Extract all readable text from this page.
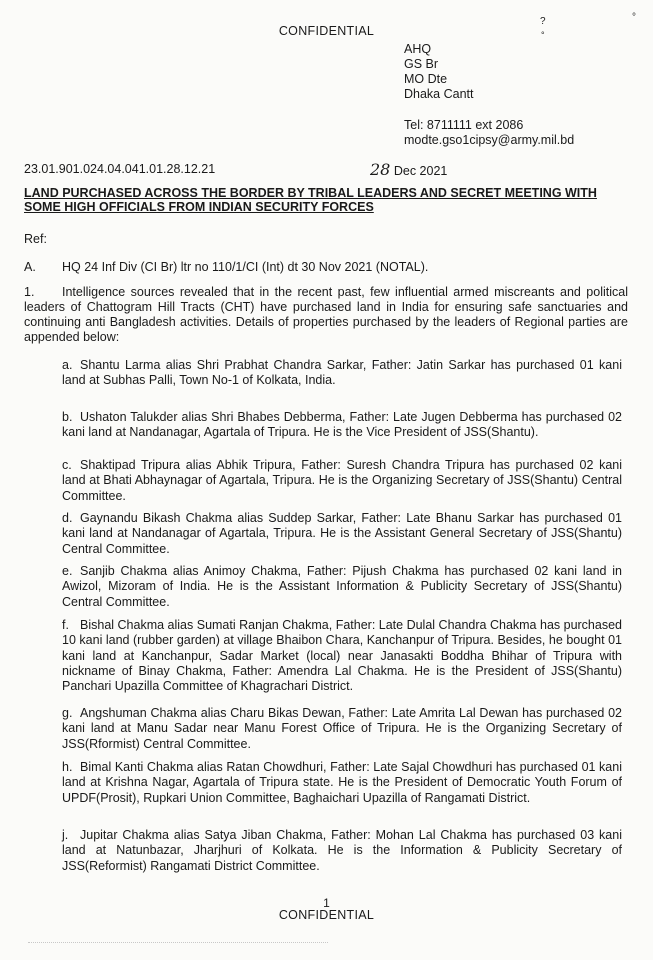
CONFIDENTIAL
?
°
°
AHQ
GS Br
MO Dte
Dhaka Cantt
Tel: 8711111 ext 2086
modte.gso1cipsy@army.mil.bd
23.01.901.024.04.041.01.28.12.21	28 Dec 2021
LAND PURCHASED ACROSS THE BORDER BY TRIBAL LEADERS AND SECRET MEETING WITH SOME HIGH OFFICIALS FROM INDIAN SECURITY FORCES
Ref:
A. HQ 24 Inf Div (CI Br) ltr no 110/1/CI (Int) dt 30 Nov 2021 (NOTAL).
1. Intelligence sources revealed that in the recent past, few influential armed miscreants and political leaders of Chattogram Hill Tracts (CHT) have purchased land in India for ensuring safe sanctuaries and continuing anti Bangladesh activities. Details of properties purchased by the leaders of Regional parties are appended below:
a. Shantu Larma alias Shri Prabhat Chandra Sarkar, Father: Jatin Sarkar has purchased 01 kani land at Subhas Palli, Town No-1 of Kolkata, India.
b. Ushaton Talukder alias Shri Bhabes Debberma, Father: Late Jugen Debberma has purchased 02 kani land at Nandanagar, Agartala of Tripura. He is the Vice President of JSS(Shantu).
c. Shaktipad Tripura alias Abhik Tripura, Father: Suresh Chandra Tripura has purchased 02 kani land at Bhati Abhaynagar of Agartala, Tripura. He is the Organizing Secretary of JSS(Shantu) Central Committee.
d. Gaynandu Bikash Chakma alias Suddep Sarkar, Father: Late Bhanu Sarkar has purchased 01 kani land at Nandanagar of Agartala, Tripura. He is the Assistant General Secretary of JSS(Shantu) Central Committee.
e. Sanjib Chakma alias Animoy Chakma, Father: Pijush Chakma has purchased 02 kani land in Awizol, Mizoram of India. He is the Assistant Information & Publicity Secretary of JSS(Shantu) Central Committee.
f. Bishal Chakma alias Sumati Ranjan Chakma, Father: Late Dulal Chandra Chakma has purchased 10 kani land (rubber garden) at village Bhaibon Chara, Kanchanpur of Tripura. Besides, he bought 01 kani land at Kanchanpur, Sadar Market (local) near Janasakti Boddha Bhihar of Tripura with nickname of Binay Chakma, Father: Amendra Lal Chakma. He is the President of JSS(Shantu) Panchari Upazilla Committee of Khagrachari District.
g. Angshuman Chakma alias Charu Bikas Dewan, Father: Late Amrita Lal Dewan has purchased 02 kani land at Manu Sadar near Manu Forest Office of Tripura. He is the Organizing Secretary of JSS(Rformist) Central Committee.
h. Bimal Kanti Chakma alias Ratan Chowdhuri, Father: Late Sajal Chowdhuri has purchased 01 kani land at Krishna Nagar, Agartala of Tripura state. He is the President of Democratic Youth Forum of UPDF(Prosit), Rupkari Union Committee, Baghaichari Upazilla of Rangamati District.
j. Jupitar Chakma alias Satya Jiban Chakma, Father: Mohan Lal Chakma has purchased 03 kani land at Natunbazar, Jharjhuri of Kolkata. He is the Information & Publicity Secretary of JSS(Reformist) Rangamati District Committee.
1
CONFIDENTIAL
